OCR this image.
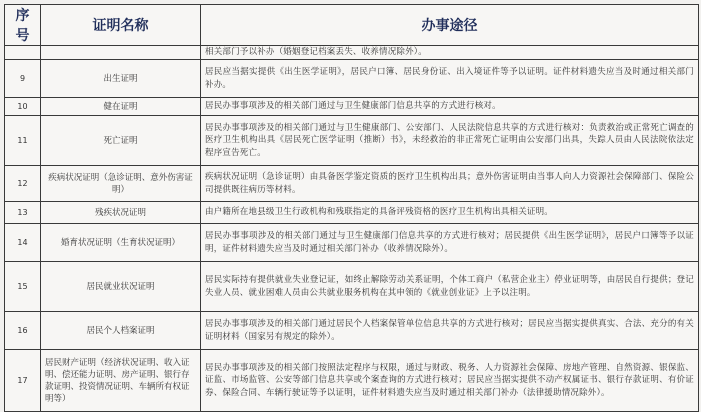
序号	证明名称	办事途径
		相关部门予以补办（婚姻登记档案丢失、收养情况除外）。
9	出生证明	居民应当据实提供《出生医学证明》，居民户口簿、居民身份证、出入境证件等予以证明。证件材料遗失应当及时通过相关部门补办。
10	健在证明	居民办事事项涉及的相关部门通过与卫生健康部门信息共享的方式进行核对。
11	死亡证明	居民办事事项涉及的相关部门通过与卫生健康部门、公安部门、人民法院信息共享的方式进行核对：负责救治或正常死亡调查的医疗卫生机构出具《居民死亡医学证明（推断）书》，未经救治的非正常死亡证明由公安部门出具，失踪人员由人民法院依法定程序宣告死亡。
12	疾病状况证明（急诊证明、意外伤害证明）	疾病状况证明（急诊证明）由具备医学鉴定资质的医疗卫生机构出具；意外伤害证明由当事人向人力资源社会保障部门、保险公司提供既往病历等材料。
13	残疾状况证明	由户籍所在地县级卫生行政机构和残联指定的具备评残资格的医疗卫生机构出具相关证明。
14	婚育状况证明（生育状况证明）	居民办事事项涉及的相关部门通过与卫生健康部门信息共享的方式进行核对；居民提供《出生医学证明》，居民户口簿等予以证明，证件材料遗失应当及时通过相关部门补办（收养情况除外）。
15	居民就业状况证明	居民实际持有提供就业失业登记证，如终止解除劳动关系证明，个体工商户（私营企业主）停业证明等，由居民自行提供；登记失业人员、就业困难人员由公共就业服务机构在其申领的《就业创业证》上予以注明。
16	居民个人档案证明	居民办事事项涉及的相关部门通过居民个人档案保管单位信息共享的方式进行核对；居民应当据实提供真实、合法、充分的有关证明材料（国家另有规定的除外）。
17	居民财产证明（经济状况证明、收入证明、偿还能力证明、房产证明、银行存款证明、投资情况证明、车辆所有权证明等）	居民办事事项涉及的相关部门按照法定程序与权限，通过与财政、税务、人力资源社会保障、房地产管理、自然资源、银保监、证监、市场监管、公安等部门信息共享或个案查询的方式进行核对；居民应当据实提供不动产权属证书、银行存款证明、有价证券、保险合同、车辆行驶证等予以证明，证件材料遗失应当及时通过相关部门补办（法律援助情况除外）。
